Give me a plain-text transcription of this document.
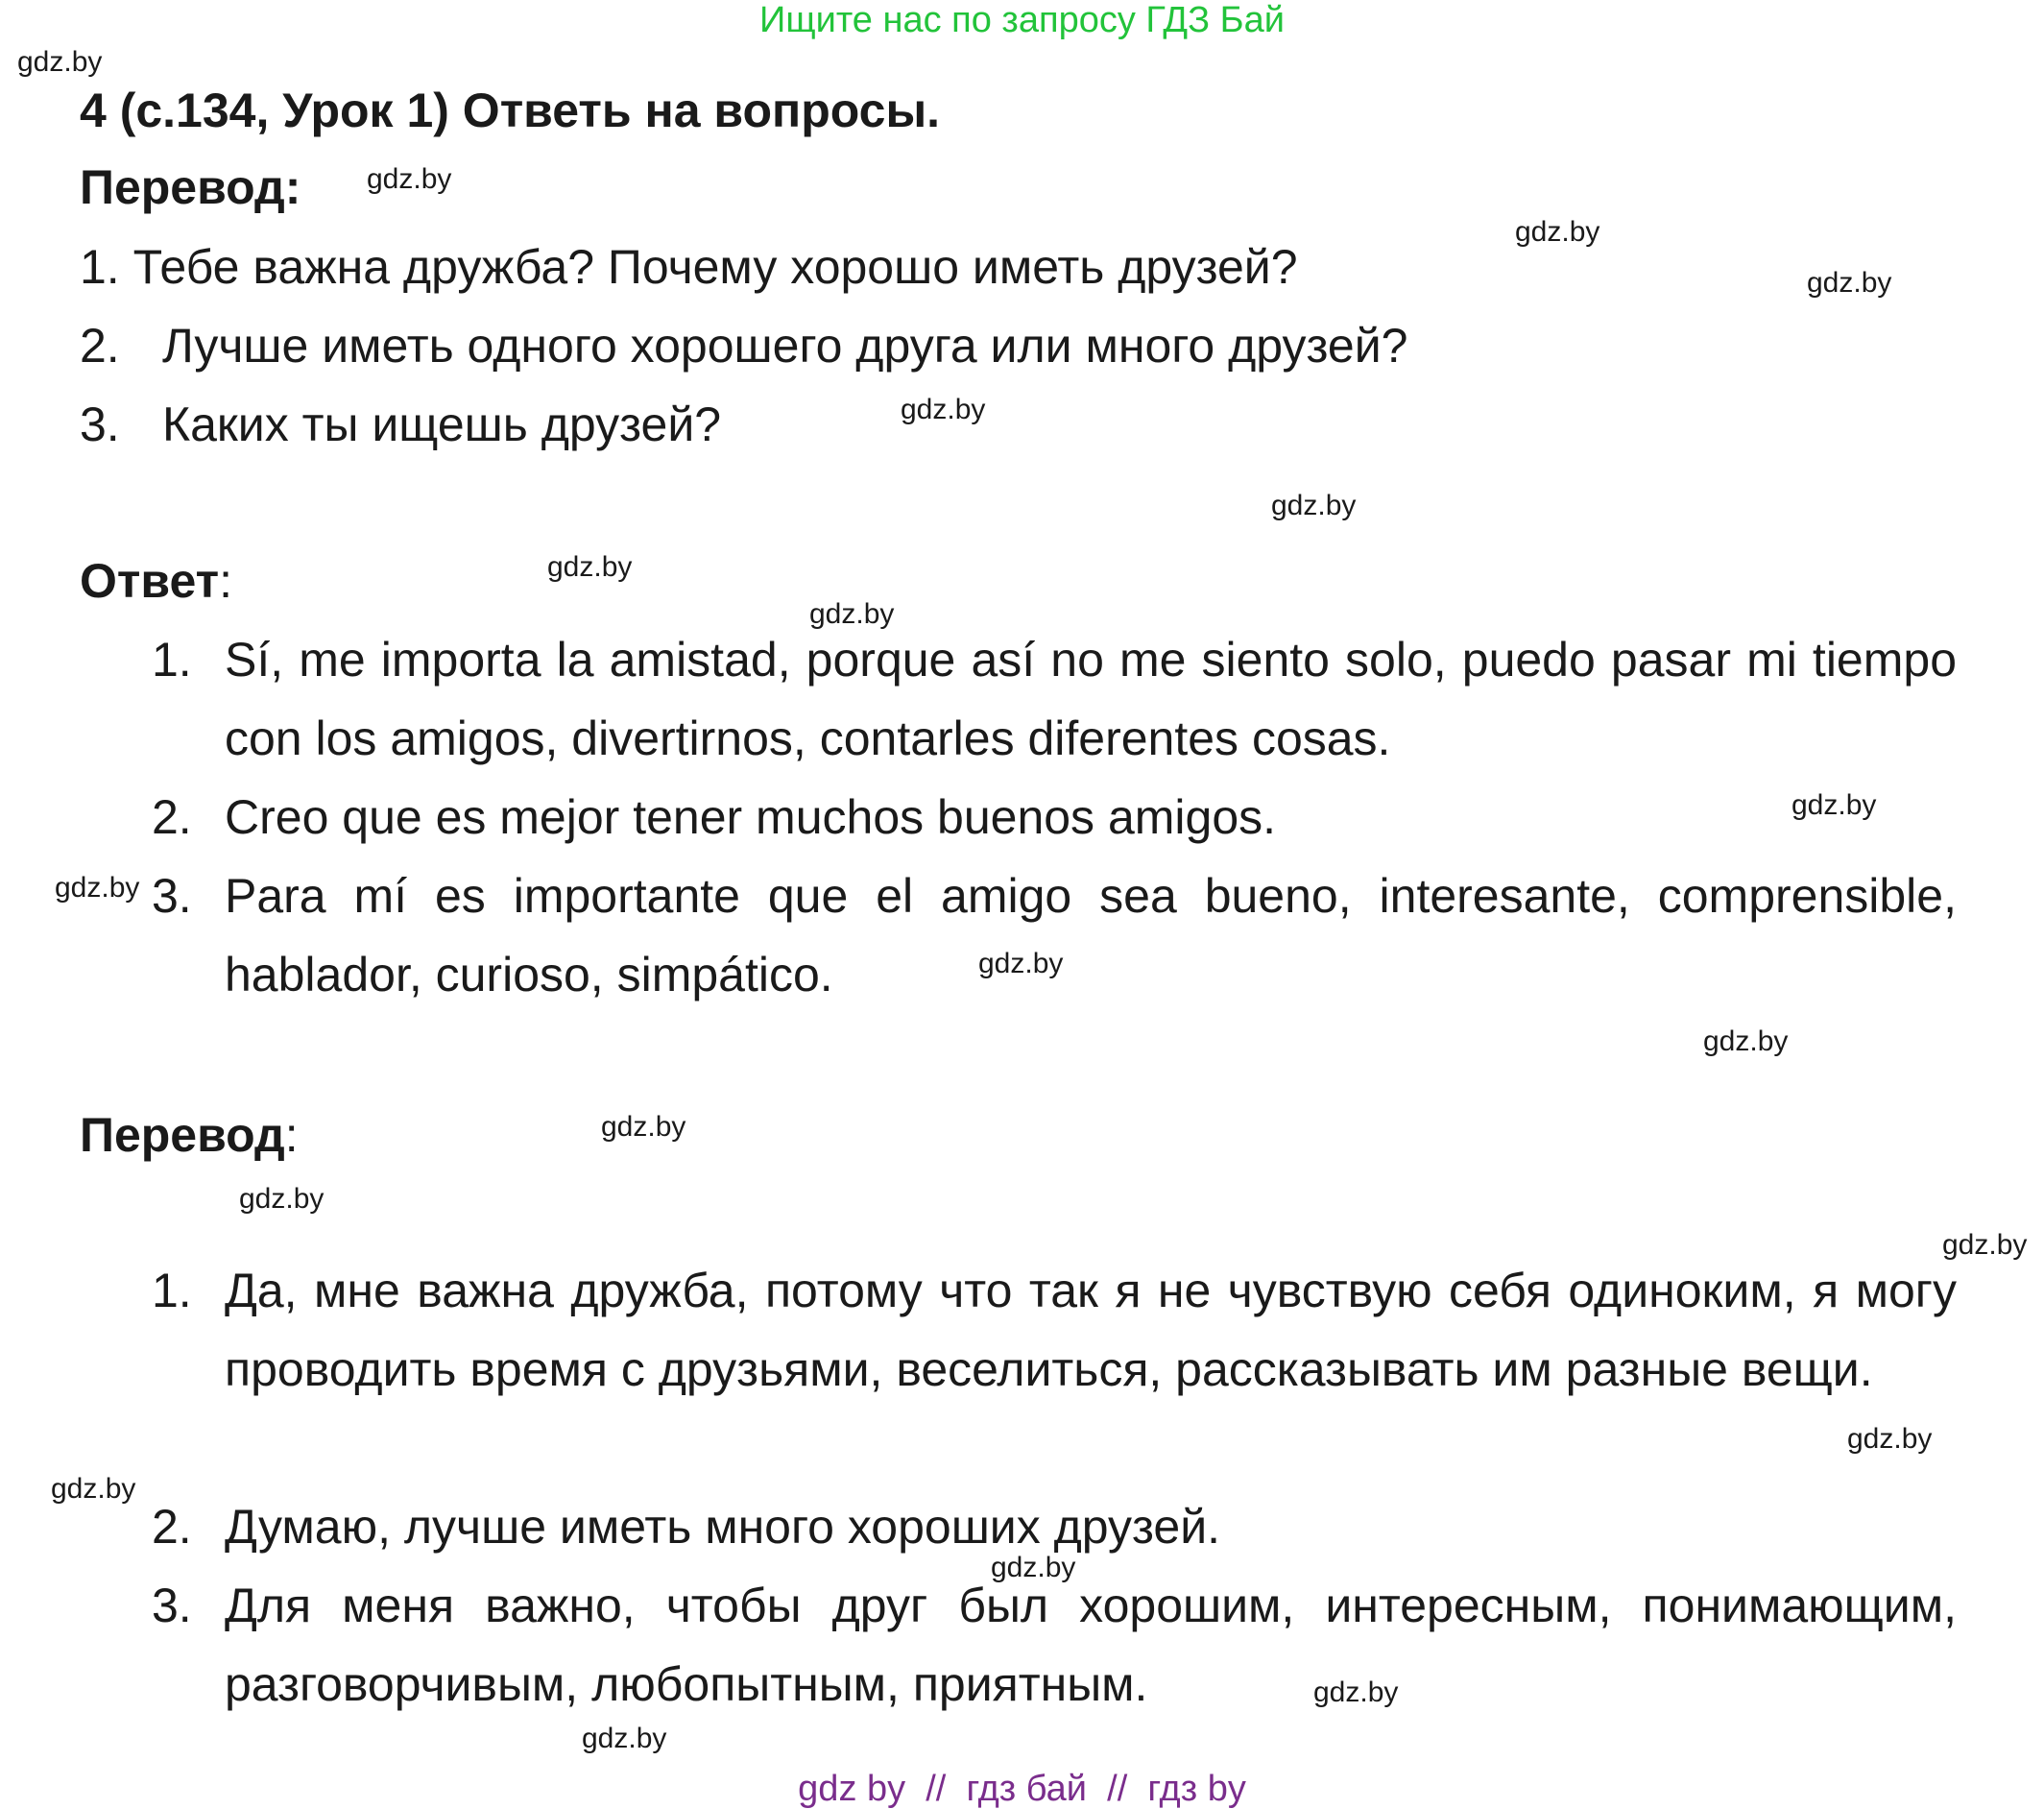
Ищите нас по запросу ГДЗ Бай
4 (с.134, Урок 1) Ответь на вопросы.
Перевод:
1. Тебе важна дружба? Почему хорошо иметь друзей?
2. Лучше иметь одного хорошего друга или много друзей?
3. Каких ты ищешь друзей?
Ответ:
1. Sí, me importa la amistad, porque así no me siento solo, puedo pasar mi tiempo con los amigos, divertirnos, contarles diferentes cosas.
2. Creo que es mejor tener muchos buenos amigos.
3. Para mí es importante que el amigo sea bueno, interesante, comprensible, hablador, curioso, simpático.
Перевод:
1. Да, мне важна дружба, потому что так я не чувствую себя одиноким, я могу проводить время с друзьями, веселиться, рассказывать им разные вещи.
2. Думаю, лучше иметь много хороших друзей.
3. Для меня важно, чтобы друг был хорошим, интересным, понимающим, разговорчивым, любопытным, приятным.
gdz.by
gdz.by
gdz.by
gdz.by
gdz.by
gdz.by
gdz.by
gdz.by
gdz.by
gdz.by
gdz.by
gdz.by
gdz.by
gdz.by
gdz.by
gdz.by
gdz.by
gdz.by
gdz.by
gdz.by
gdz by  //  гдз бай  //  гдз by
